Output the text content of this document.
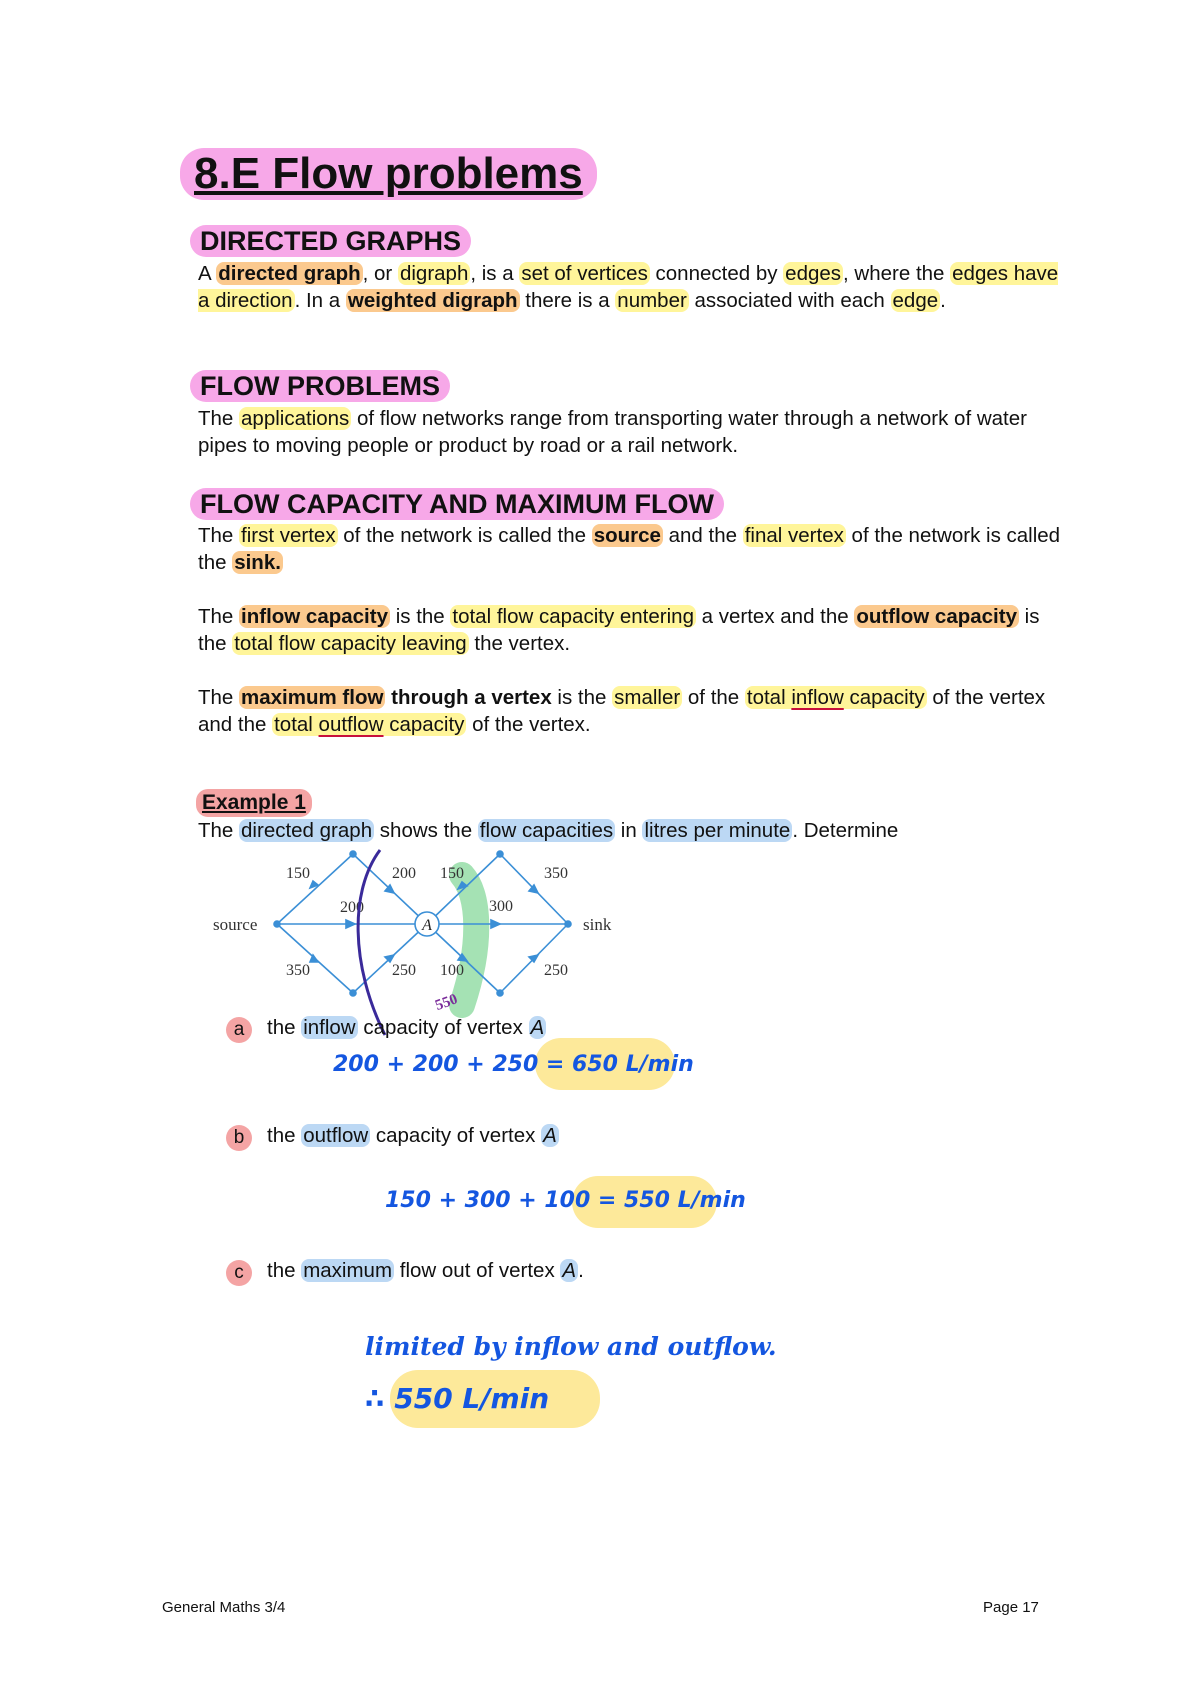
8.E Flow problems
DIRECTED GRAPHS
A directed graph, or digraph, is a set of vertices connected by edges, where the edges have a direction. In a weighted digraph there is a number associated with each edge.
FLOW PROBLEMS
The applications of flow networks range from transporting water through a network of water pipes to moving people or product by road or a rail network.
FLOW CAPACITY AND MAXIMUM FLOW
The first vertex of the network is called the source and the final vertex of the network is called the sink.
The inflow capacity is the total flow capacity entering a vertex and the outflow capacity is the total flow capacity leaving the vertex.
The maximum flow through a vertex is the smaller of the total inflow capacity of the vertex and the total outflow capacity of the vertex.
Example 1
The directed graph shows the flow capacities in litres per minute. Determine
A
source	sink
150
200
200 150	350
300
350	250 100	250
550
a	the inflow capacity of vertex A
200 + 200 + 250 = 650 L/min
b	the outflow capacity of vertex A
150 + 300 + 100 = 550 L/min
c	the maximum flow out of vertex A.
limited by inflow and outflow.
∴ 550 L/min
General Maths 3/4	Page 17
